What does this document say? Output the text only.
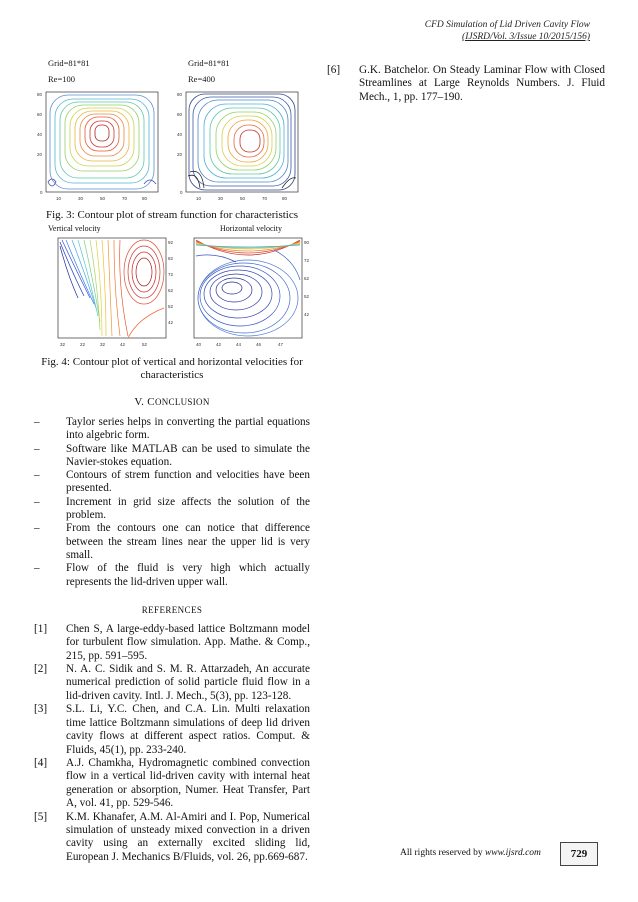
CFD Simulation of Lid Driven Cavity Flow
(IJSRD/Vol. 3/Issue 10/2015/156)
Grid=81*81
Re=100
80
60
40
20
0
10	30	50	70	80
Grid=81*81
Re=400
80
60
40
20
0
10	30	50	70	80
Fig. 3: Contour plot of stream function for characteristics
Vertical velocity	Horizontal velocity
92
82
72
62
52
42
32	22	32	42	52
90
72
62
52
42
40	42	44	46	47
Fig. 4: Contour plot of vertical and horizontal velocities for characteristics
V. CONCLUSION
– Taylor series helps in converting the partial equations into algebric form.
– Software like MATLAB can be used to simulate the Navier-stokes equation.
– Contours of strem function and velocities have been presented.
– Increment in grid size affects the solution of the problem.
– From the contours one can notice that difference between the stream lines near the upper lid is very small.
– Flow of the fluid is very high which actually represents the lid-driven upper wall.
REFERENCES
[1] Chen S, A large-eddy-based lattice Boltzmann model for turbulent flow simulation. App. Mathe. & Comp., 215, pp. 591–595.
[2] N. A. C. Sidik and S. M. R. Attarzadeh, An accurate numerical prediction of solid particle fluid flow in a lid-driven cavity. Intl. J. Mech., 5(3), pp. 123-128.
[3] S.L. Li, Y.C. Chen, and C.A. Lin. Multi relaxation time lattice Boltzmann simulations of deep lid driven cavity flows at different aspect ratios. Comput. & Fluids, 45(1), pp. 233-240.
[4] A.J. Chamkha, Hydromagnetic combined convection flow in a vertical lid-driven cavity with internal heat generation or absorption, Numer. Heat Transfer, Part A, vol. 41, pp. 529-546.
[5] K.M. Khanafer, A.M. Al-Amiri and I. Pop, Numerical simulation of unsteady mixed convection in a driven cavity using an externally excited sliding lid, European J. Mechanics B/Fluids, vol. 26, pp.669-687.
[6] G.K. Batchelor. On Steady Laminar Flow with Closed Streamlines at Large Reynolds Numbers. J. Fluid Mech., 1, pp. 177–190.
All rights reserved by www.ijsrd.com	729
